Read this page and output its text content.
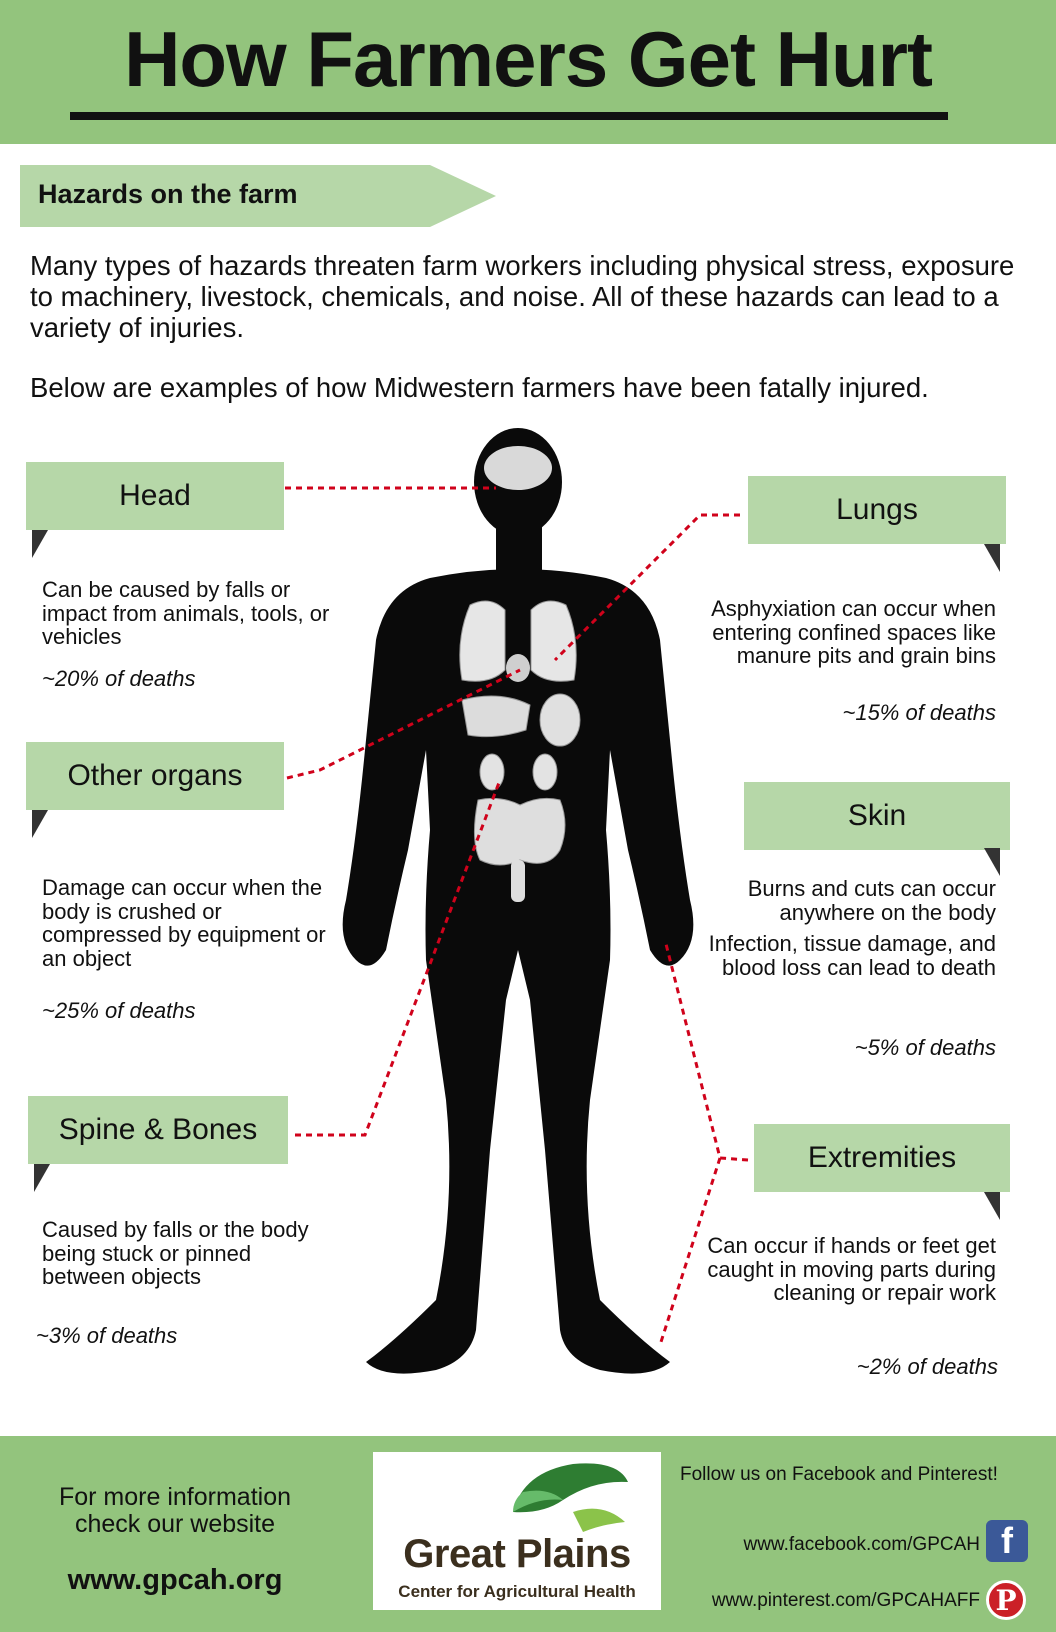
How Farmers Get Hurt
Hazards on the farm
Many types of hazards threaten farm workers including physical stress, exposure to machinery, livestock, chemicals, and noise. All of these hazards can lead to a variety of injuries.
Below are examples of how Midwestern farmers have been fatally injured.
Head
Can be caused by falls or impact from animals, tools, or vehicles
~20% of deaths
Other organs
Damage can occur when the body is crushed or compressed by equipment or an object
~25% of deaths
Spine & Bones
Caused by falls or the body being stuck or pinned between objects
~3% of deaths
Lungs
Asphyxiation can occur when entering confined spaces like manure pits and grain bins
~15% of deaths
Skin
Burns and cuts can occur anywhere on the body
Infection, tissue damage, and blood loss can lead to death
~5% of deaths
Extremities
Can occur if hands or feet get caught in moving parts during cleaning or repair work
~2% of deaths
For more information check our website
www.gpcah.org
Great Plains
Center for Agricultural Health
Follow us on Facebook and Pinterest!
www.facebook.com/GPCAH f
www.pinterest.com/GPCAHAFF P
